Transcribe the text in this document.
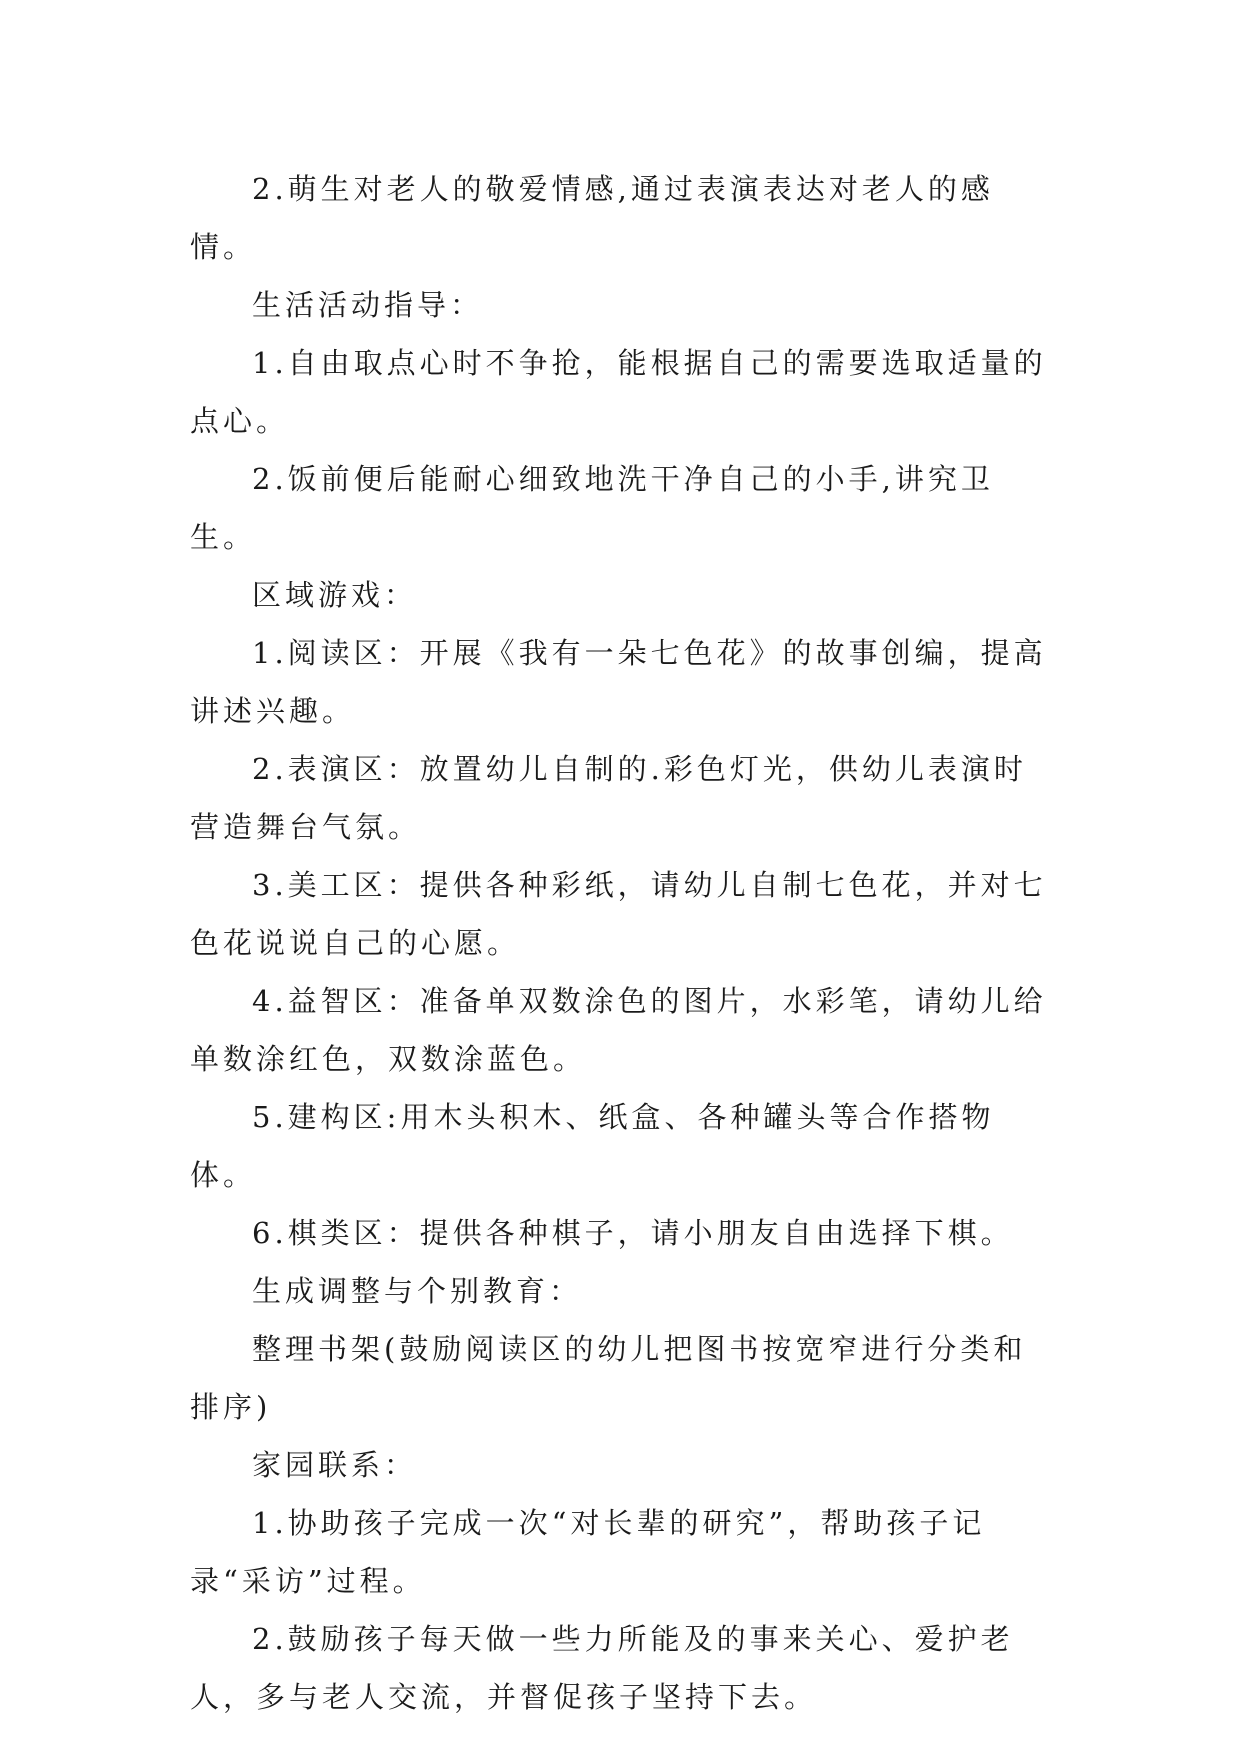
2.萌生对老人的敬爱情感,通过表演表达对老人的感情。

生活活动指导：

1.自由取点心时不争抢，能根据自己的需要选取适量的点心。

2.饭前便后能耐心细致地洗干净自己的小手,讲究卫生。

区域游戏：

1.阅读区：开展《我有一朵七色花》的故事创编，提高讲述兴趣。

2.表演区：放置幼儿自制的.彩色灯光，供幼儿表演时营造舞台气氛。

3.美工区：提供各种彩纸，请幼儿自制七色花，并对七色花说说自己的心愿。

4.益智区：准备单双数涂色的图片，水彩笔，请幼儿给单数涂红色，双数涂蓝色。

5.建构区:用木头积木、纸盒、各种罐头等合作搭物体。

6.棋类区：提供各种棋子，请小朋友自由选择下棋。

生成调整与个别教育：

整理书架(鼓励阅读区的幼儿把图书按宽窄进行分类和排序)

家园联系：

1.协助孩子完成一次“对长辈的研究”，帮助孩子记录“采访”过程。

2.鼓励孩子每天做一些力所能及的事来关心、爱护老人，多与老人交流，并督促孩子坚持下去。
